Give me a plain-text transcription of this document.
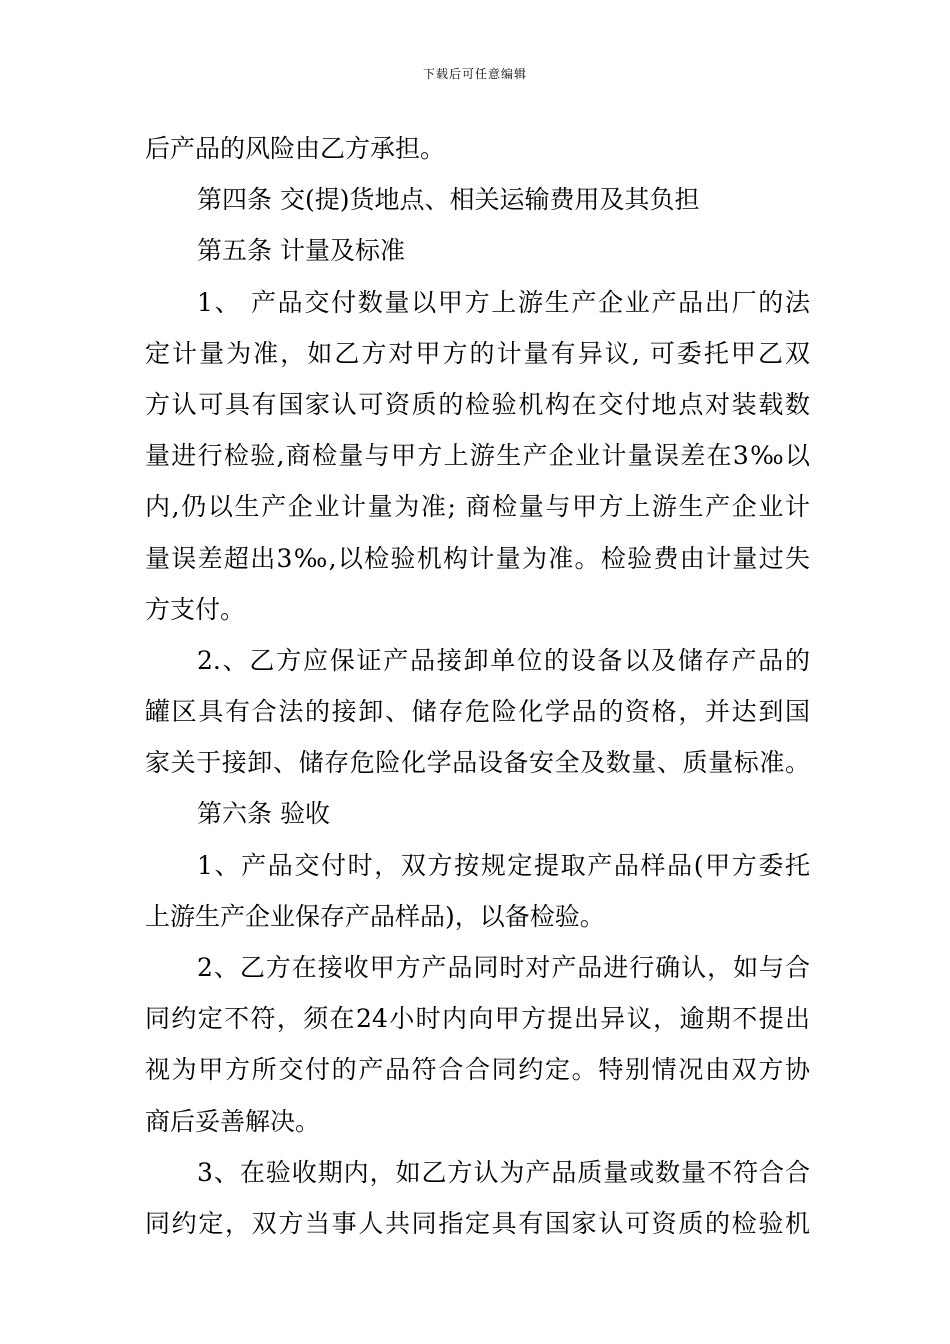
下载后可任意编辑
后产品的风险由乙方承担。
第四条 交(提)货地点、相关运输费用及其负担
第五条 计量及标准
1、 产品交付数量以甲方上游生产企业产品出厂的法
定计量为准，如乙方对甲方的计量有异议, 可委托甲乙双
方认可具有国家认可资质的检验机构在交付地点对装载数
量进行检验,商检量与甲方上游生产企业计量误差在3‰以
内,仍以生产企业计量为准; 商检量与甲方上游生产企业计
量误差超出3‰,以检验机构计量为准。检验费由计量过失
方支付。
2.、乙方应保证产品接卸单位的设备以及储存产品的
罐区具有合法的接卸、储存危险化学品的资格，并达到国
家关于接卸、储存危险化学品设备安全及数量、质量标准。
第六条 验收
1、产品交付时，双方按规定提取产品样品(甲方委托
上游生产企业保存产品样品)，以备检验。
2、乙方在接收甲方产品同时对产品进行确认，如与合
同约定不符，须在24小时内向甲方提出异议，逾期不提出
视为甲方所交付的产品符合合同约定。特别情况由双方协
商后妥善解决。
3、在验收期内，如乙方认为产品质量或数量不符合合
同约定，双方当事人共同指定具有国家认可资质的检验机
